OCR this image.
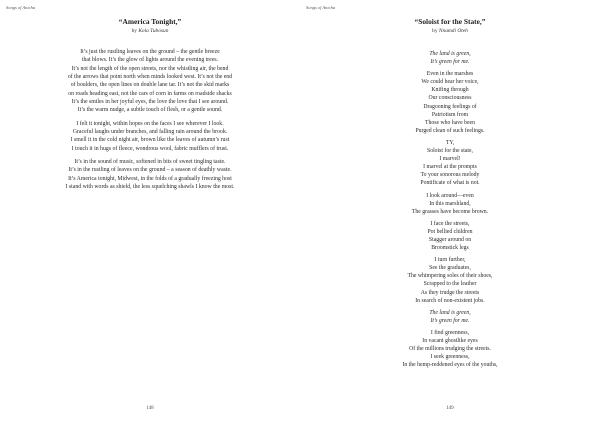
Songs of Anicha
“America Tonight,”
by Kola Tubosun
It’s just the rustling leaves on the ground – the gentle breeze
that blows. It’s the glow of lights around the evening trees.
It’s not the length of the open streets, nor the whistling air, the bend
of the arrows that point north when minds looked west. It’s not the end
of boulders, the open lines on double lane tar. It’s not the skid marks
on roads heading east, not the cars of corn in farms on roadside shacks
It’s the smiles in her joyful eyes, the love the love that I see around.
It’s the warm nudge, a subtle touch of flesh, or a gentle sound.
I felt it tonight, within hopes on the faces I see wherever I look.
Graceful laughs under branches, and falling rain around the brook.
I smell it in the cold night air, brown like the leaves of autumn’s rust
I touch it in hugs of fleece, wondrous wool, fabric mufflers of trust.
It’s in the sound of music, softened in bits of sweet tingling taste.
It’s in the rustling of leaves on the ground – a season of deathly waste.
It’s America tonight, Midwest, in the folds of a gradually freezing host
I stand with words as shield, the less squelching shawls I know the most.
148
Songs of Anicha
“Soloist for the State,”
by Nnamdi Oteh
The land is green,
It’s green for me.
Even in the marshes
We could hear her voice,
Knifing through
Our consciousness
Dragooning feelings of
Patriotism from
Those who have been
Purged clean of such feelings.
TY,
Soloist for the state,
I marvel!
I marvel at the prompts
To your sonorous melody
Pontificate of what is not.
I look around—even
In this marshland,
The grasses have become brown.
I face the streets,
Pot bellied children
Stagger around on
Broomstick legs
I turn further,
See the graduates,
The whimpering soles of their shoes,
Scrapped to the leather
As they trudge the streets
In search of non-existent jobs.
The land is green,
It’s green for me.
I find greenness,
In vacant ghostlike eyes
Of the millions trudging the streets.
I seek greenness,
In the hemp-reddened eyes of the youths,
149
